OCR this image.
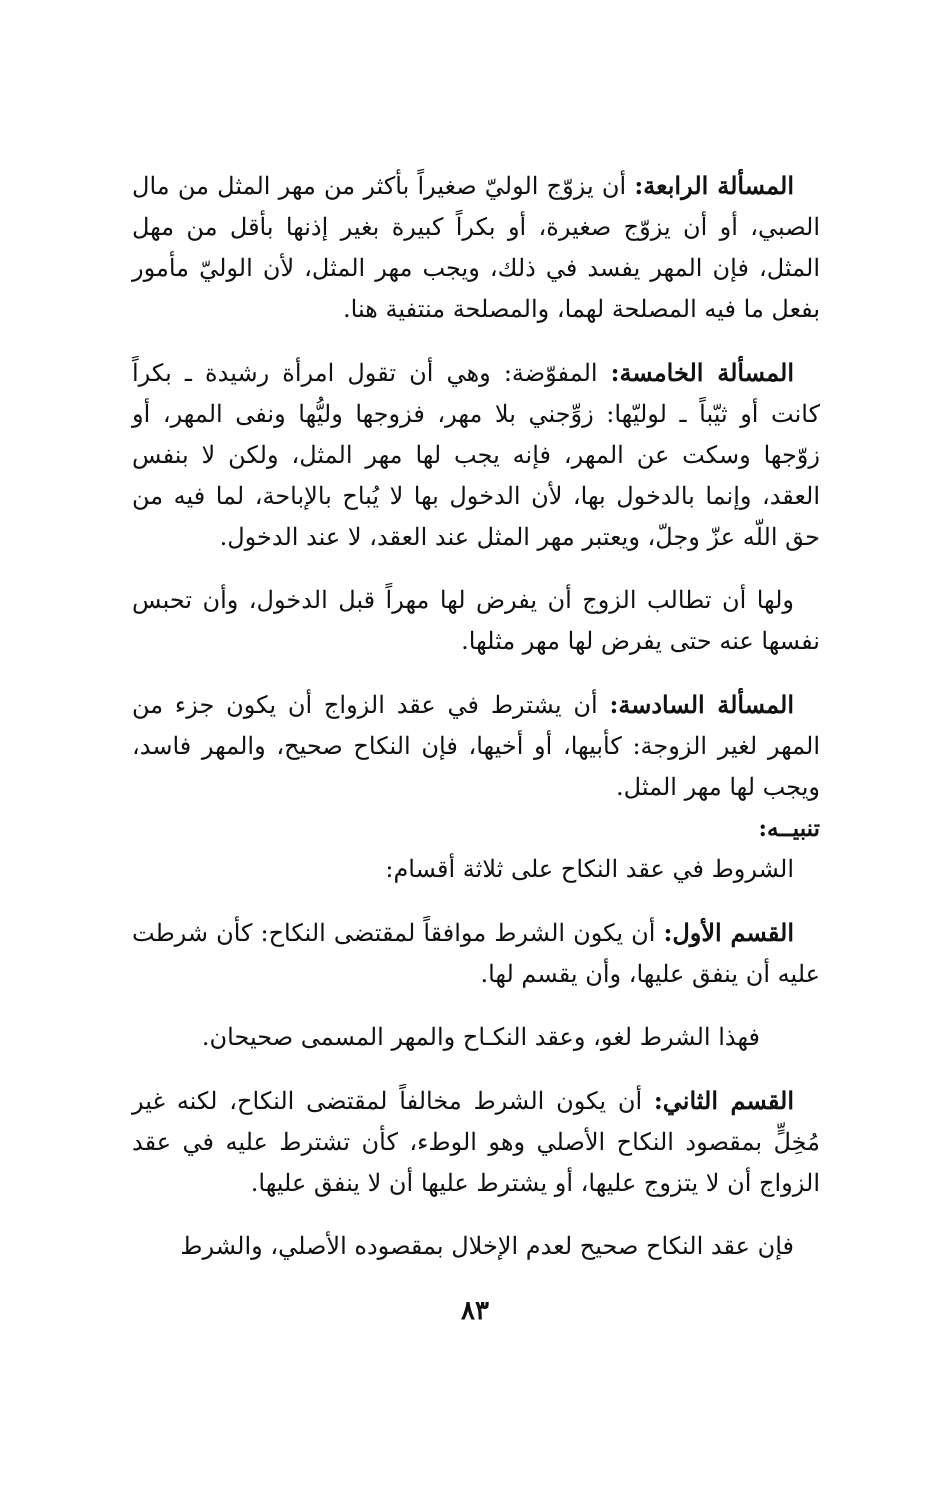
المسألة الرابعة: أن يزوّج الوليّ صغيراً بأكثر من مهر المثل من مال الصبي، أو أن يزوّج صغيرة، أو بكراً كبيرة بغير إذنها بأقل من مهل المثل، فإن المهر يفسد في ذلك، ويجب مهر المثل، لأن الوليّ مأمور بفعل ما فيه المصلحة لهما، والمصلحة منتفية هنا.

المسألة الخامسة: المفوّضة: وهي أن تقول امرأة رشيدة ـ بكراً كانت أو ثيّباً ـ لوليّها: زوِّجني بلا مهر، فزوجها وليُّها ونفى المهر، أو زوّجها وسكت عن المهر، فإنه يجب لها مهر المثل، ولكن لا بنفس العقد، وإنما بالدخول بها، لأن الدخول بها لا يُباح بالإباحة، لما فيه من حق اللّه عزّ وجلّ، ويعتبر مهر المثل عند العقد، لا عند الدخول.

ولها أن تطالب الزوج أن يفرض لها مهراً قبل الدخول، وأن تحبس نفسها عنه حتى يفرض لها مهر مثلها.

المسألة السادسة: أن يشترط في عقد الزواج أن يكون جزء من المهر لغير الزوجة: كأبيها، أو أخيها، فإن النكاح صحيح، والمهر فاسد، ويجب لها مهر المثل.

تنبيــه:

الشروط في عقد النكاح على ثلاثة أقسام:

القسم الأول: أن يكون الشرط موافقاً لمقتضى النكاح: كأن شرطت عليه أن ينفق عليها، وأن يقسم لها.

فهذا الشرط لغو، وعقد النكـاح والمهر المسمى صحيحان.

القسم الثاني: أن يكون الشرط مخالفاً لمقتضى النكاح، لكنه غير مُخِلٍّ بمقصود النكاح الأصلي وهو الوطء، كأن تشترط عليه في عقد الزواج أن لا يتزوج عليها، أو يشترط عليها أن لا ينفق عليها.

فإن عقد النكاح صحيح لعدم الإخلال بمقصوده الأصلي، والشرط

٨٣
